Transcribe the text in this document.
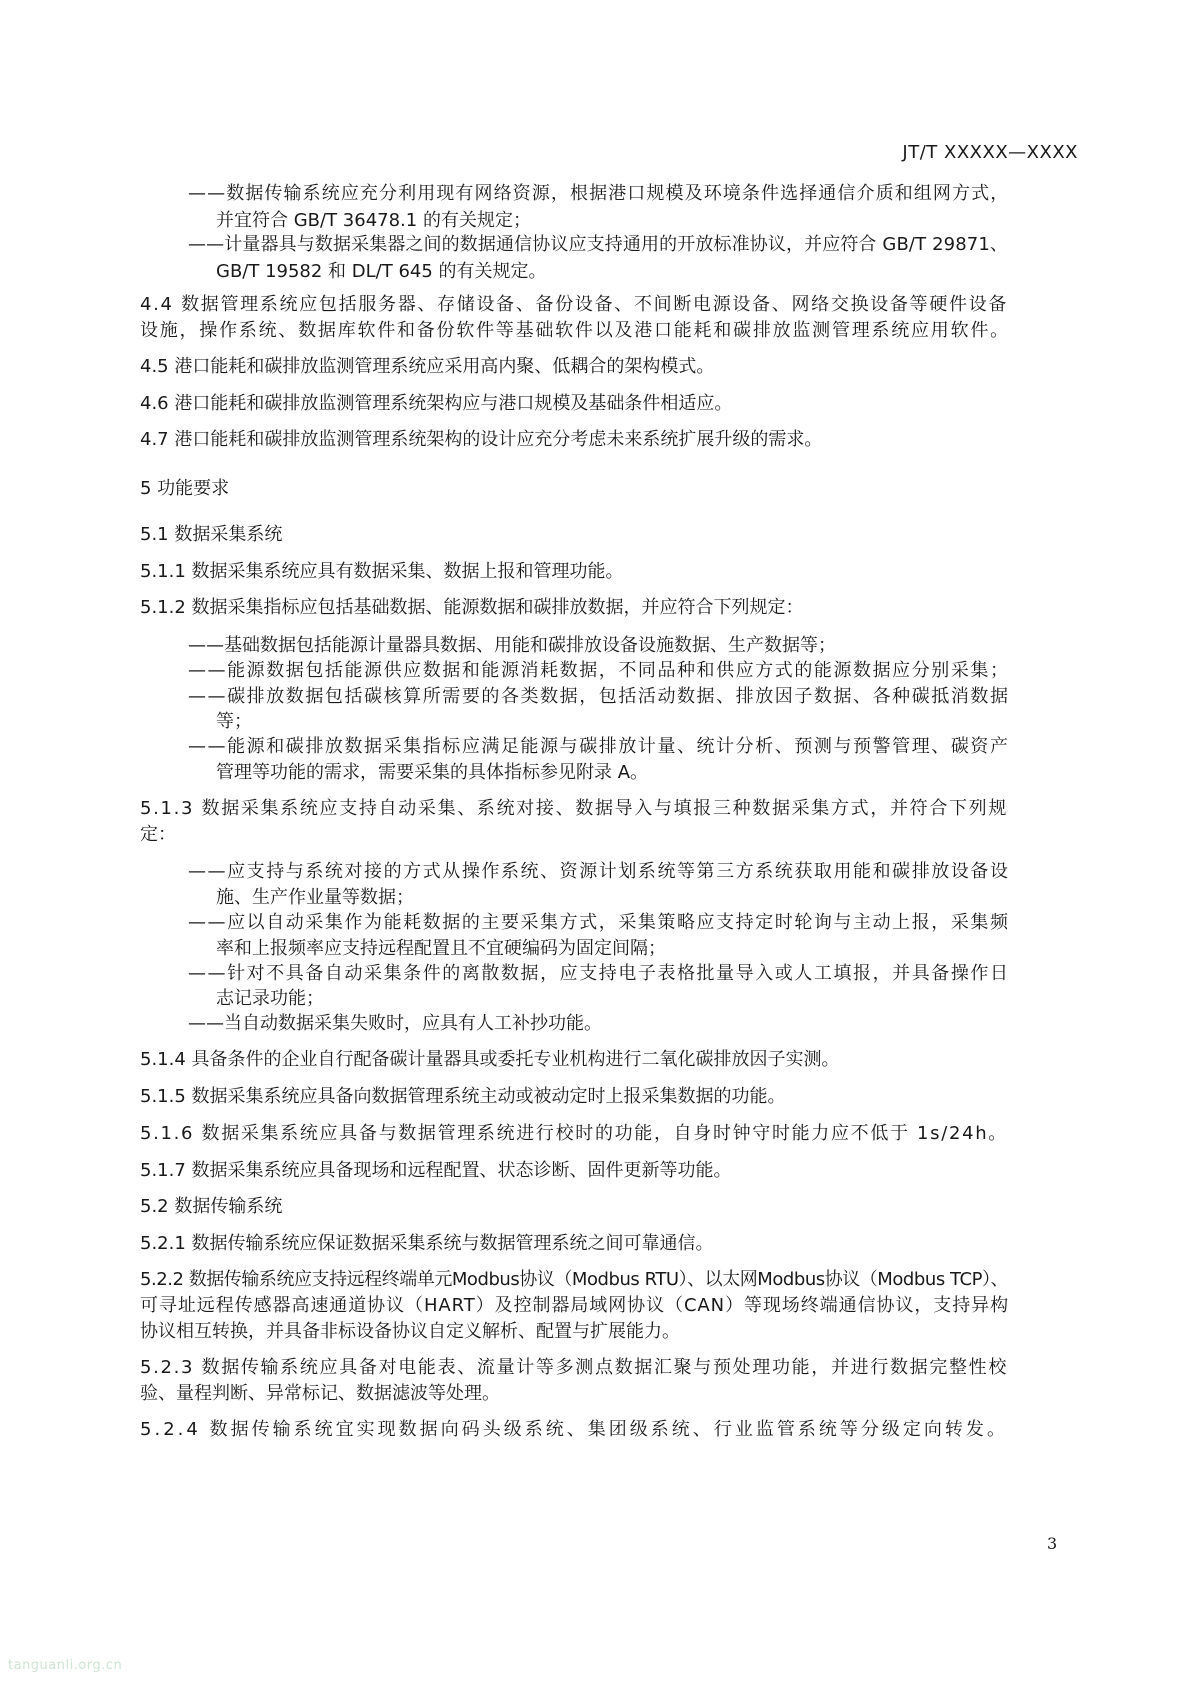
JT/T XXXXX—XXXX
——数据传输系统应充分利用现有网络资源，根据港口规模及环境条件选择通信介质和组网方式，
并宜符合 GB/T 36478.1 的有关规定；
——计量器具与数据采集器之间的数据通信协议应支持通用的开放标准协议，并应符合 GB/T 29871、
GB/T 19582 和 DL/T 645 的有关规定。
4.4 数据管理系统应包括服务器、存储设备、备份设备、不间断电源设备、网络交换设备等硬件设备
设施，操作系统、数据库软件和备份软件等基础软件以及港口能耗和碳排放监测管理系统应用软件。
4.5 港口能耗和碳排放监测管理系统应采用高内聚、低耦合的架构模式。
4.6 港口能耗和碳排放监测管理系统架构应与港口规模及基础条件相适应。
4.7 港口能耗和碳排放监测管理系统架构的设计应充分考虑未来系统扩展升级的需求。
5 功能要求
5.1 数据采集系统
5.1.1 数据采集系统应具有数据采集、数据上报和管理功能。
5.1.2 数据采集指标应包括基础数据、能源数据和碳排放数据，并应符合下列规定：
——基础数据包括能源计量器具数据、用能和碳排放设备设施数据、生产数据等；
——能源数据包括能源供应数据和能源消耗数据，不同品种和供应方式的能源数据应分别采集；
——碳排放数据包括碳核算所需要的各类数据，包括活动数据、排放因子数据、各种碳抵消数据
等；
——能源和碳排放数据采集指标应满足能源与碳排放计量、统计分析、预测与预警管理、碳资产
管理等功能的需求，需要采集的具体指标参见附录 A。
5.1.3 数据采集系统应支持自动采集、系统对接、数据导入与填报三种数据采集方式，并符合下列规
定：
——应支持与系统对接的方式从操作系统、资源计划系统等第三方系统获取用能和碳排放设备设
施、生产作业量等数据；
——应以自动采集作为能耗数据的主要采集方式，采集策略应支持定时轮询与主动上报，采集频
率和上报频率应支持远程配置且不宜硬编码为固定间隔；
——针对不具备自动采集条件的离散数据，应支持电子表格批量导入或人工填报，并具备操作日
志记录功能；
——当自动数据采集失败时，应具有人工补抄功能。
5.1.4 具备条件的企业自行配备碳计量器具或委托专业机构进行二氧化碳排放因子实测。
5.1.5 数据采集系统应具备向数据管理系统主动或被动定时上报采集数据的功能。
5.1.6 数据采集系统应具备与数据管理系统进行校时的功能，自身时钟守时能力应不低于 1s/24h。
5.1.7 数据采集系统应具备现场和远程配置、状态诊断、固件更新等功能。
5.2 数据传输系统
5.2.1 数据传输系统应保证数据采集系统与数据管理系统之间可靠通信。
5.2.2 数据传输系统应支持远程终端单元Modbus协议（Modbus RTU）、以太网Modbus协议（Modbus TCP）、
可寻址远程传感器高速通道协议（HART）及控制器局域网协议（CAN）等现场终端通信协议，支持异构
协议相互转换，并具备非标设备协议自定义解析、配置与扩展能力。
5.2.3 数据传输系统应具备对电能表、流量计等多测点数据汇聚与预处理功能，并进行数据完整性校
验、量程判断、异常标记、数据滤波等处理。
5.2.4 数据传输系统宜实现数据向码头级系统、集团级系统、行业监管系统等分级定向转发。
3
tanguanli.org.cn
